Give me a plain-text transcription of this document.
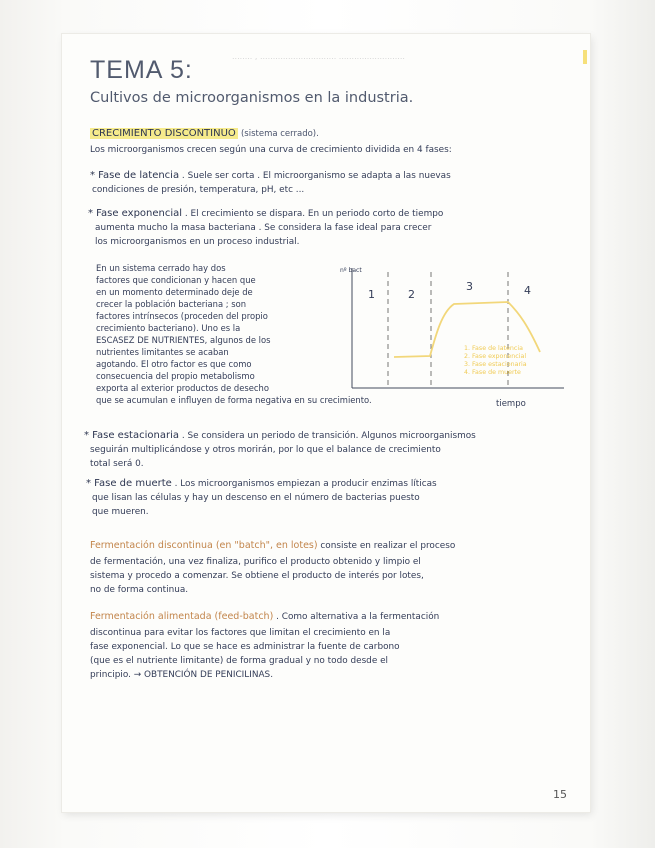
........ , .............................. ..........................
TEMA 5:
Cultivos de microorganismos en la industria.
CRECIMIENTO DISCONTINUO (sistema cerrado).
Los microorganismos crecen según una curva de crecimiento dividida en 4 fases:
* Fase de latencia . Suele ser corta . El microorganismo se adapta a las nuevas
condiciones de presión, temperatura, pH, etc ...
* Fase exponencial . El crecimiento se dispara. En un periodo corto de tiempo
aumenta mucho la masa bacteriana . Se considera la fase ideal para crecer
los microorganismos en un proceso industrial.
En un sistema cerrado hay dos
factores que condicionan y hacen que
en un momento determinado deje de
crecer la población bacteriana ; son
factores intrínsecos (proceden del propio
crecimiento bacteriano). Uno es la
ESCASEZ DE NUTRIENTES, algunos de los
nutrientes limitantes se acaban
agotando. El otro factor es que como
consecuencia del propio metabolismo
exporta al exterior productos de desecho
que se acumulan e influyen de forma negativa en su crecimiento.
nº bact
1	2
3	4
1. Fase de latencia
2. Fase exponencial
3. Fase estacionaria
4. Fase de muerte
tiempo
* Fase estacionaria . Se considera un periodo de transición. Algunos microorganismos
seguirán multiplicándose y otros morirán, por lo que el balance de crecimiento
total será 0.
* Fase de muerte . Los microorganismos empiezan a producir enzimas líticas
que lisan las células y hay un descenso en el número de bacterias puesto
que mueren.
Fermentación discontinua (en "batch", en lotes) consiste en realizar el proceso
de fermentación, una vez finaliza, purifico el producto obtenido y limpio el
sistema y procedo a comenzar. Se obtiene el producto de interés por lotes,
no de forma continua.
Fermentación alimentada (feed-batch) . Como alternativa a la fermentación
discontinua para evitar los factores que limitan el crecimiento en la
fase exponencial. Lo que se hace es administrar la fuente de carbono
(que es el nutriente limitante) de forma gradual y no todo desde el
principio. → OBTENCIÓN DE PENICILINAS.
15
